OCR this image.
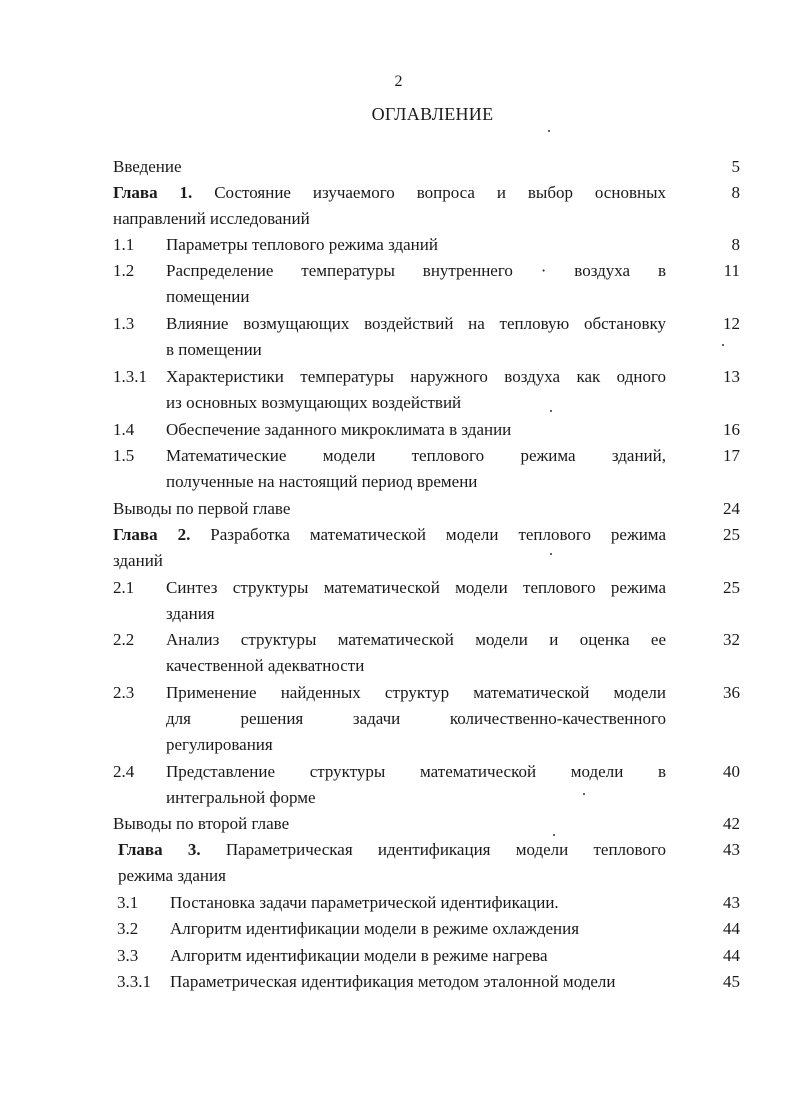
2
ОГЛАВЛЕНИЕ
Введение	5
Глава 1. Состояние изучаемого вопроса и выбор основных	8
направлений исследований
1.1 Параметры теплового режима зданий	8
1.2 Распределение температуры внутреннего · воздуха в	11
помещении
1.3 Влияние возмущающих воздействий на тепловую обстановку	12
в помещении
1.3.1 Характеристики температуры наружного воздуха как одного	13
из основных возмущающих воздействий
1.4 Обеспечение заданного микроклимата в здании	16
1.5 Математические модели теплового режима зданий,	17
полученные на настоящий период времени
Выводы по первой главе	24
Глава 2. Разработка математической модели теплового режима	25
зданий
2.1 Синтез структуры математической модели теплового режима	25
здания
2.2 Анализ структуры математической модели и оценка ее	32
качественной адекватности
2.3 Применение найденных структур математической модели	36
для решения задачи количественно-качественного
регулирования
2.4 Представление структуры математической модели в	40
интегральной форме
Выводы по второй главе	42
Глава 3. Параметрическая идентификация модели теплового	43
режима здания
3.1 Постановка задачи параметрической идентификации.	43
3.2 Алгоритм идентификации модели в режиме охлаждения	44
3.3 Алгоритм идентификации модели в режиме нагрева	44
3.3.1 Параметрическая идентификация методом эталонной модели	45
